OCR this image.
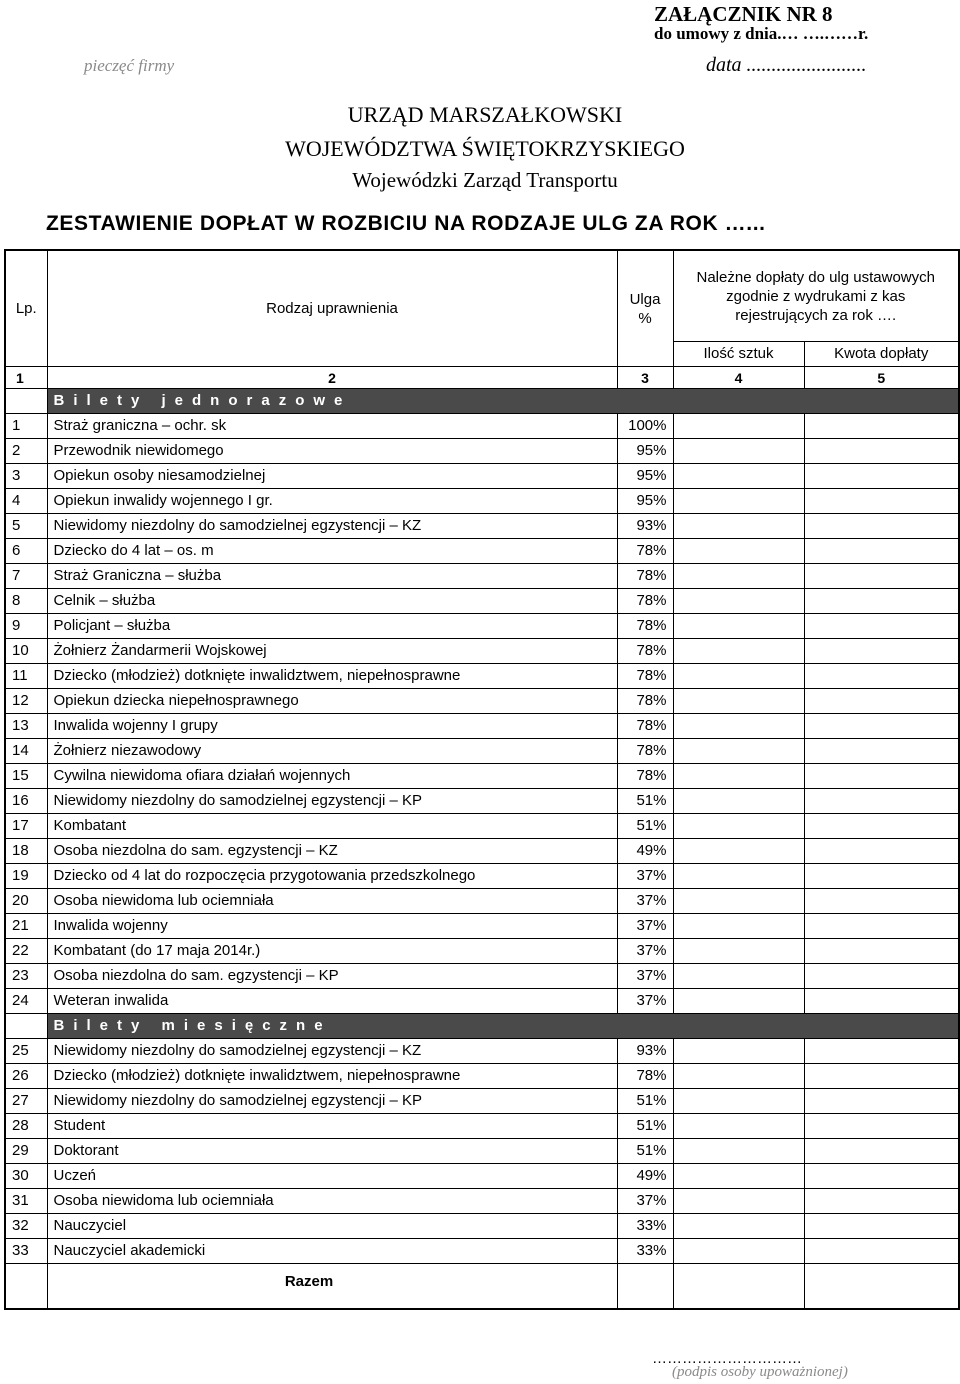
ZAŁĄCZNIK NR 8
do umowy z dnia.… ….……r.
pieczęć firmy	data ........................
URZĄD MARSZAŁKOWSKI
WOJEWÓDZTWA ŚWIĘTOKRZYSKIEGO
Wojewódzki Zarząd Transportu
ZESTAWIENIE DOPŁAT W ROZBICIU NA RODZAJE ULG ZA ROK …...
Lp.	Rodzaj uprawnienia	Ulga %	Należne dopłaty do ulg ustawowych zgodnie z wydrukami z kas rejestrujących za rok ….	
			Ilość sztuk	Kwota dopłaty
1	2	3	4	5
	Bilety jednorazowe			
1	Straż graniczna – ochr. sk	100%		
2	Przewodnik niewidomego	95%		
3	Opiekun osoby niesamodzielnej	95%		
4	Opiekun inwalidy wojennego I gr.	95%		
5	Niewidomy niezdolny do samodzielnej egzystencji – KZ	93%		
6	Dziecko do 4 lat – os. m	78%		
7	Straż Graniczna – służba	78%		
8	Celnik – służba	78%		
9	Policjant – służba	78%		
10	Żołnierz Żandarmerii Wojskowej	78%		
11	Dziecko (młodzież) dotknięte inwalidztwem, niepełnosprawne	78%		
12	Opiekun dziecka niepełnosprawnego	78%		
13	Inwalida wojenny I grupy	78%		
14	Żołnierz niezawodowy	78%		
15	Cywilna niewidoma ofiara działań wojennych	78%		
16	Niewidomy niezdolny do samodzielnej egzystencji – KP	51%		
17	Kombatant	51%		
18	Osoba niezdolna do sam. egzystencji – KZ	49%		
19	Dziecko od 4 lat do rozpoczęcia przygotowania przedszkolnego	37%		
20	Osoba niewidoma lub ociemniała	37%		
21	Inwalida wojenny	37%		
22	Kombatant (do 17 maja 2014r.)	37%		
23	Osoba niezdolna do sam. egzystencji – KP	37%		
24	Weteran inwalida	37%		
	Bilety miesięczne			
25	Niewidomy niezdolny do samodzielnej egzystencji – KZ	93%		
26	Dziecko (młodzież) dotknięte inwalidztwem, niepełnosprawne	78%		
27	Niewidomy niezdolny do samodzielnej egzystencji – KP	51%		
28	Student	51%		
29	Doktorant	51%		
30	Uczeń	49%		
31	Osoba niewidoma lub ociemniała	37%		
32	Nauczyciel	33%		
33	Nauczyciel akademicki	33%		
	Razem			
…………………………
(podpis osoby upoważnionej)
